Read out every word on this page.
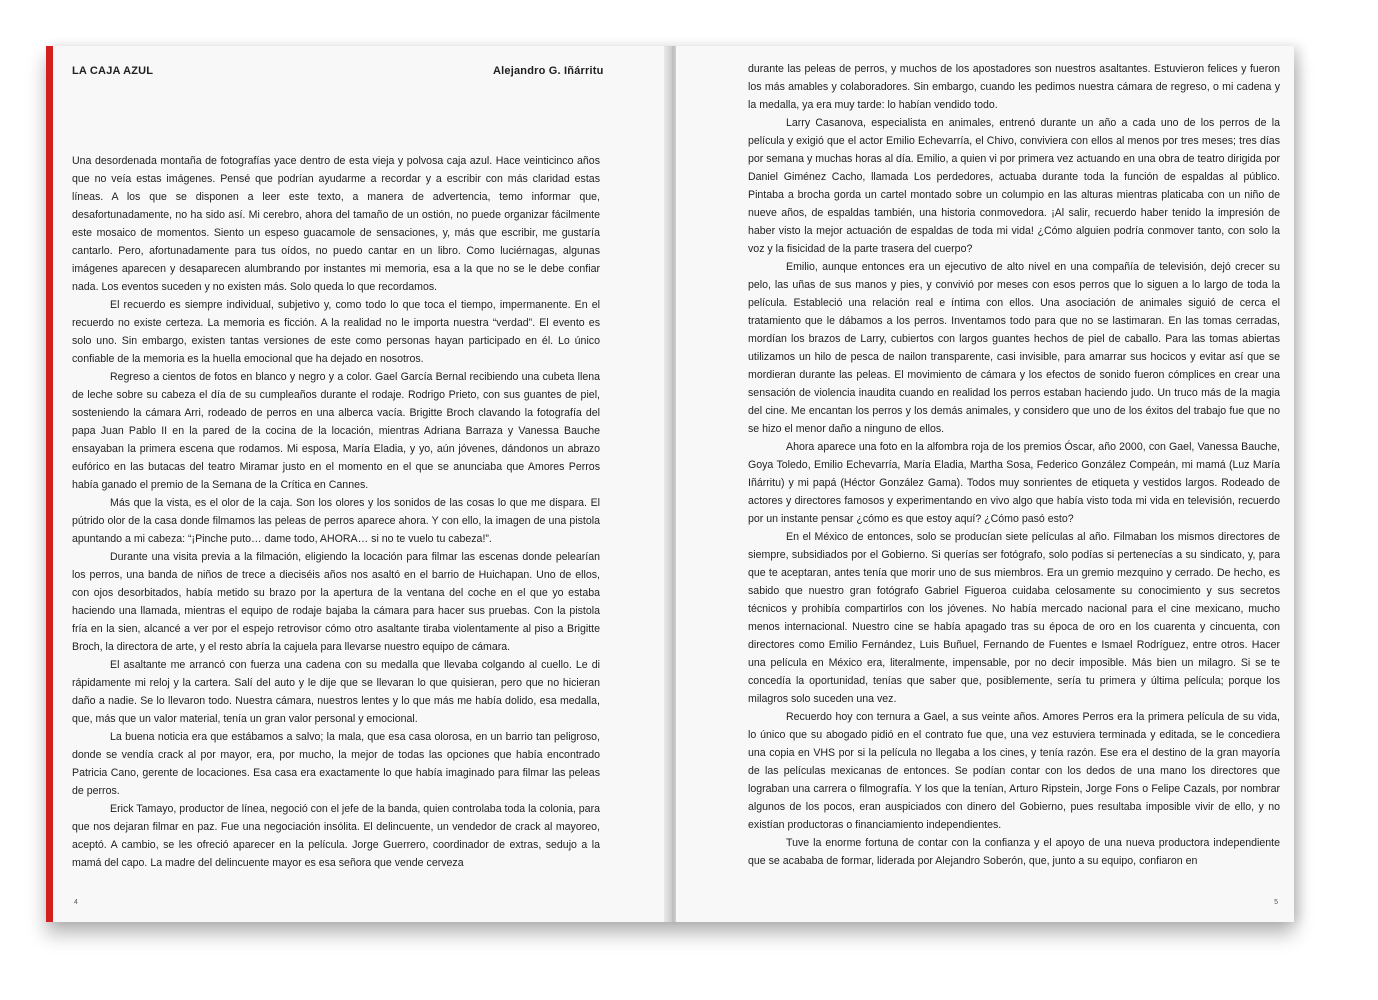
LA CAJA AZUL	Alejandro G. Iñárritu

Una desordenada montaña de fotografías yace dentro de esta vieja y polvosa caja azul. Hace veinticinco años que no veía estas imágenes. Pensé que podrían ayudarme a recordar y a escribir con más claridad estas líneas. A los que se disponen a leer este texto, a manera de advertencia, temo informar que, desafortunadamente, no ha sido así. Mi cerebro, ahora del tamaño de un ostión, no puede organizar fácilmente este mosaico de momentos. Siento un espeso guacamole de sensaciones, y, más que escribir, me gustaría cantarlo. Pero, afortunadamente para tus oídos, no puedo cantar en un libro. Como luciérnagas, algunas imágenes aparecen y desaparecen alumbrando por instantes mi memoria, esa a la que no se le debe confiar nada. Los eventos suceden y no existen más. Solo queda lo que recordamos.

El recuerdo es siempre individual, subjetivo y, como todo lo que toca el tiempo, impermanente. En el recuerdo no existe certeza. La memoria es ficción. A la realidad no le importa nuestra “verdad”. El evento es solo uno. Sin embargo, existen tantas versiones de este como personas hayan participado en él. Lo único confiable de la memoria es la huella emocional que ha dejado en nosotros.

Regreso a cientos de fotos en blanco y negro y a color. Gael García Bernal recibiendo una cubeta llena de leche sobre su cabeza el día de su cumpleaños durante el rodaje. Rodrigo Prieto, con sus guantes de piel, sosteniendo la cámara Arri, rodeado de perros en una alberca vacía. Brigitte Broch clavando la fotografía del papa Juan Pablo II en la pared de la cocina de la locación, mientras Adriana Barraza y Vanessa Bauche ensayaban la primera escena que rodamos. Mi esposa, María Eladia, y yo, aún jóvenes, dándonos un abrazo eufórico en las butacas del teatro Miramar justo en el momento en el que se anunciaba que Amores Perros había ganado el premio de la Semana de la Crítica en Cannes.

Más que la vista, es el olor de la caja. Son los olores y los sonidos de las cosas lo que me dispara. El pútrido olor de la casa donde filmamos las peleas de perros aparece ahora. Y con ello, la imagen de una pistola apuntando a mi cabeza: “¡Pinche puto… dame todo, AHORA… si no te vuelo tu cabeza!”.

Durante una visita previa a la filmación, eligiendo la locación para filmar las escenas donde pelearían los perros, una banda de niños de trece a dieciséis años nos asaltó en el barrio de Huichapan. Uno de ellos, con ojos desorbitados, había metido su brazo por la apertura de la ventana del coche en el que yo estaba haciendo una llamada, mientras el equipo de rodaje bajaba la cámara para hacer sus pruebas. Con la pistola fría en la sien, alcancé a ver por el espejo retrovisor cómo otro asaltante tiraba violentamente al piso a Brigitte Broch, la directora de arte, y el resto abría la cajuela para llevarse nuestro equipo de cámara.

El asaltante me arrancó con fuerza una cadena con su medalla que llevaba colgando al cuello. Le di rápidamente mi reloj y la cartera. Salí del auto y le dije que se llevaran lo que quisieran, pero que no hicieran daño a nadie. Se lo llevaron todo. Nuestra cámara, nuestros lentes y lo que más me había dolido, esa medalla, que, más que un valor material, tenía un gran valor personal y emocional.

La buena noticia era que estábamos a salvo; la mala, que esa casa olorosa, en un barrio tan peligroso, donde se vendía crack al por mayor, era, por mucho, la mejor de todas las opciones que había encontrado Patricia Cano, gerente de locaciones. Esa casa era exactamente lo que había imaginado para filmar las peleas de perros.

Erick Tamayo, productor de línea, negoció con el jefe de la banda, quien controlaba toda la colonia, para que nos dejaran filmar en paz. Fue una negociación insólita. El delincuente, un vendedor de crack al mayoreo, aceptó. A cambio, se les ofreció aparecer en la película. Jorge Guerrero, coordinador de extras, sedujo a la mamá del capo. La madre del delincuente mayor es esa señora que vende cerveza

4

durante las peleas de perros, y muchos de los apostadores son nuestros asaltantes. Estuvieron felices y fueron los más amables y colaboradores. Sin embargo, cuando les pedimos nuestra cámara de regreso, o mi cadena y la medalla, ya era muy tarde: lo habían vendido todo.

Larry Casanova, especialista en animales, entrenó durante un año a cada uno de los perros de la película y exigió que el actor Emilio Echevarría, el Chivo, conviviera con ellos al menos por tres meses; tres días por semana y muchas horas al día. Emilio, a quien vi por primera vez actuando en una obra de teatro dirigida por Daniel Giménez Cacho, llamada Los perdedores, actuaba durante toda la función de espaldas al público. Pintaba a brocha gorda un cartel montado sobre un columpio en las alturas mientras platicaba con un niño de nueve años, de espaldas también, una historia conmovedora. ¡Al salir, recuerdo haber tenido la impresión de haber visto la mejor actuación de espaldas de toda mi vida! ¿Cómo alguien podría conmover tanto, con solo la voz y la fisicidad de la parte trasera del cuerpo?

Emilio, aunque entonces era un ejecutivo de alto nivel en una compañía de televisión, dejó crecer su pelo, las uñas de sus manos y pies, y convivió por meses con esos perros que lo siguen a lo largo de toda la película. Estableció una relación real e íntima con ellos. Una asociación de animales siguió de cerca el tratamiento que le dábamos a los perros. Inventamos todo para que no se lastimaran. En las tomas cerradas, mordían los brazos de Larry, cubiertos con largos guantes hechos de piel de caballo. Para las tomas abiertas utilizamos un hilo de pesca de nailon transparente, casi invisible, para amarrar sus hocicos y evitar así que se mordieran durante las peleas. El movimiento de cámara y los efectos de sonido fueron cómplices en crear una sensación de violencia inaudita cuando en realidad los perros estaban haciendo judo. Un truco más de la magia del cine. Me encantan los perros y los demás animales, y considero que uno de los éxitos del trabajo fue que no se hizo el menor daño a ninguno de ellos.

Ahora aparece una foto en la alfombra roja de los premios Óscar, año 2000, con Gael, Vanessa Bauche, Goya Toledo, Emilio Echevarría, María Eladia, Martha Sosa, Federico González Compeán, mi mamá (Luz María Iñárritu) y mi papá (Héctor González Gama). Todos muy sonrientes de etiqueta y vestidos largos. Rodeado de actores y directores famosos y experimentando en vivo algo que había visto toda mi vida en televisión, recuerdo por un instante pensar ¿cómo es que estoy aquí? ¿Cómo pasó esto?

En el México de entonces, solo se producían siete películas al año. Filmaban los mismos directores de siempre, subsidiados por el Gobierno. Si querías ser fotógrafo, solo podías si pertenecías a su sindicato, y, para que te aceptaran, antes tenía que morir uno de sus miembros. Era un gremio mezquino y cerrado. De hecho, es sabido que nuestro gran fotógrafo Gabriel Figueroa cuidaba celosamente su conocimiento y sus secretos técnicos y prohibía compartirlos con los jóvenes. No había mercado nacional para el cine mexicano, mucho menos internacional. Nuestro cine se había apagado tras su época de oro en los cuarenta y cincuenta, con directores como Emilio Fernández, Luis Buñuel, Fernando de Fuentes e Ismael Rodríguez, entre otros. Hacer una película en México era, literalmente, impensable, por no decir imposible. Más bien un milagro. Si se te concedía la oportunidad, tenías que saber que, posiblemente, sería tu primera y última película; porque los milagros solo suceden una vez.

Recuerdo hoy con ternura a Gael, a sus veinte años. Amores Perros era la primera película de su vida, lo único que su abogado pidió en el contrato fue que, una vez estuviera terminada y editada, se le concediera una copia en VHS por si la película no llegaba a los cines, y tenía razón. Ese era el destino de la gran mayoría de las películas mexicanas de entonces. Se podían contar con los dedos de una mano los directores que lograban una carrera o filmografía. Y los que la tenían, Arturo Ripstein, Jorge Fons o Felipe Cazals, por nombrar algunos de los pocos, eran auspiciados con dinero del Gobierno, pues resultaba imposible vivir de ello, y no existían productoras o financiamiento independientes.

Tuve la enorme fortuna de contar con la confianza y el apoyo de una nueva productora independiente que se acababa de formar, liderada por Alejandro Soberón, que, junto a su equipo, confiaron en

5
